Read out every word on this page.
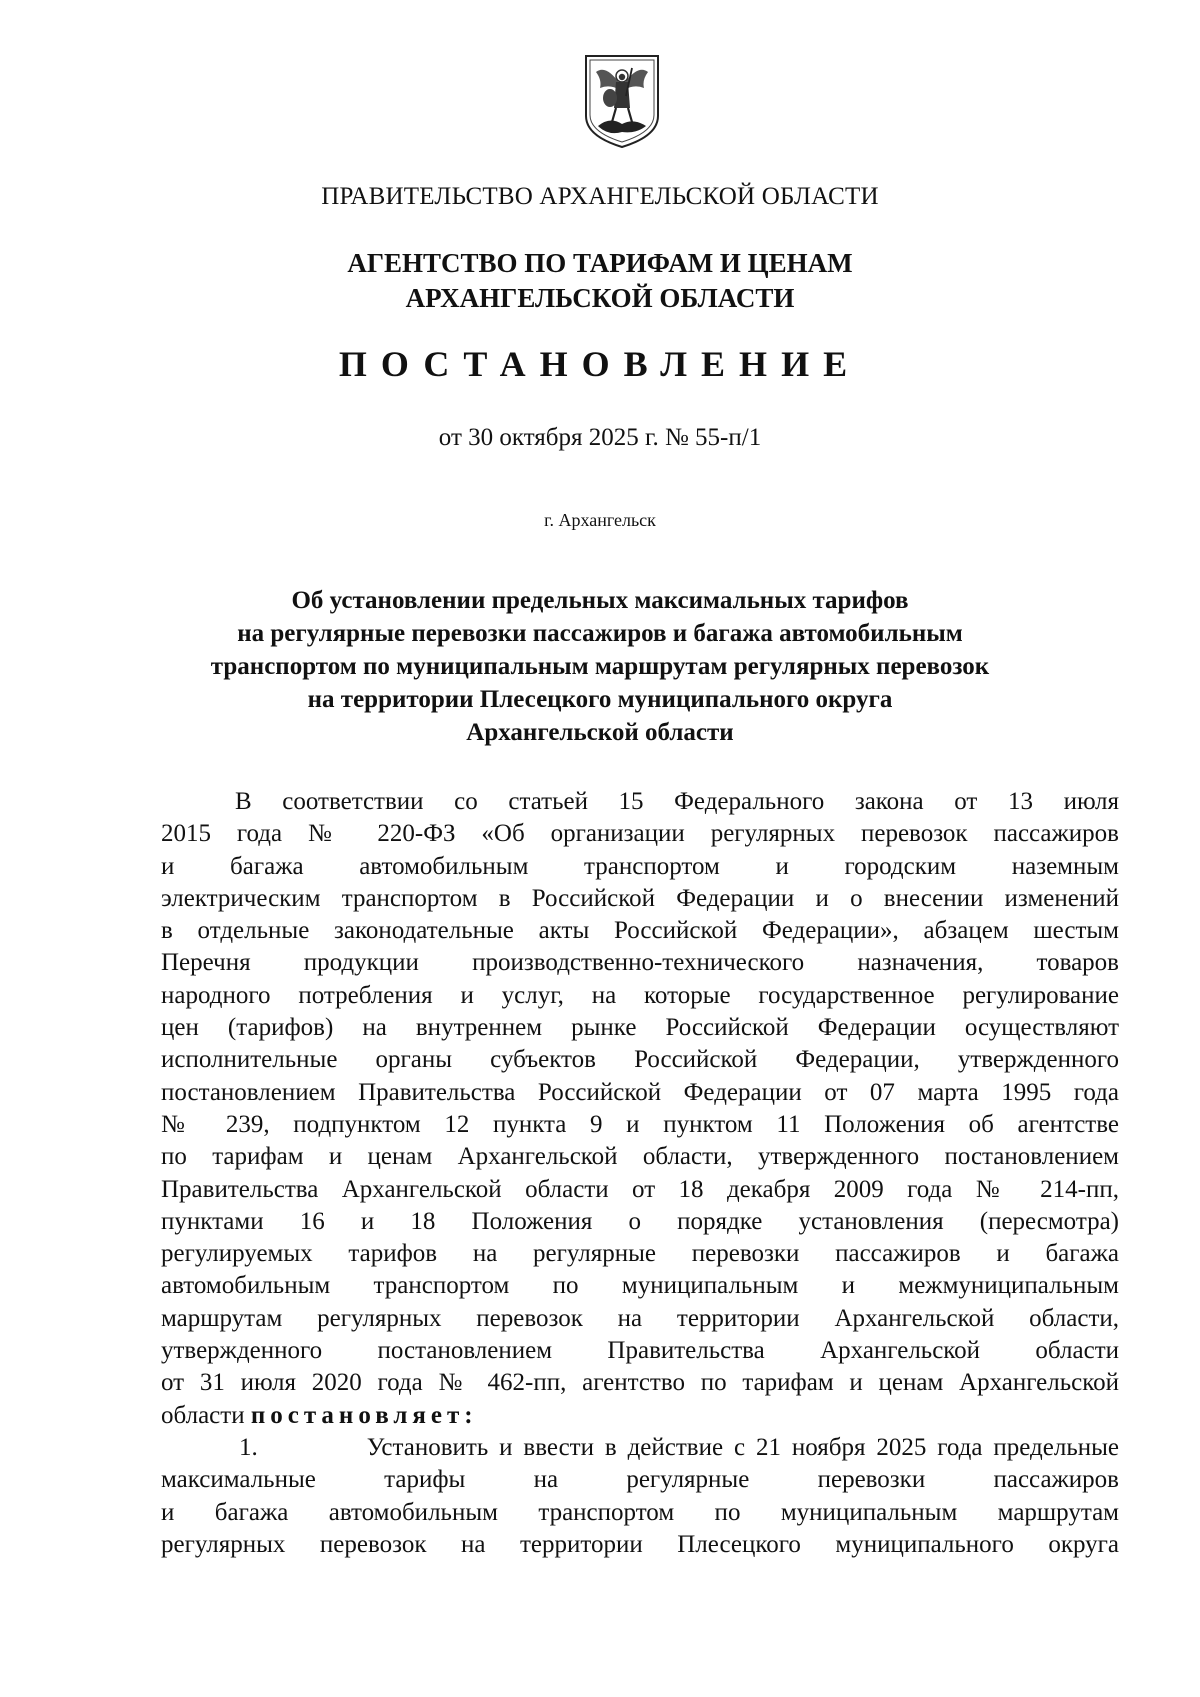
ПРАВИТЕЛЬСТВО АРХАНГЕЛЬСКОЙ ОБЛАСТИ
АГЕНТСТВО ПО ТАРИФАМ И ЦЕНАМ
АРХАНГЕЛЬСКОЙ ОБЛАСТИ
ПОСТАНОВЛЕНИЕ
от 30 октября 2025 г. № 55-п/1
г. Архангельск
Об установлении предельных максимальных тарифов
на регулярные перевозки пассажиров и багажа автомобильным
транспортом по муниципальным маршрутам регулярных перевозок
на территории Плесецкого муниципального округа
Архангельской области
В соответствии со статьей 15 Федерального закона от 13 июля
2015 года № 220-ФЗ «Об организации регулярных перевозок пассажиров
и багажа автомобильным транспортом и городским наземным
электрическим транспортом в Российской Федерации и о внесении изменений
в отдельные законодательные акты Российской Федерации», абзацем шестым
Перечня продукции производственно-технического назначения, товаров
народного потребления и услуг, на которые государственное регулирование
цен (тарифов) на внутреннем рынке Российской Федерации осуществляют
исполнительные органы субъектов Российской Федерации, утвержденного
постановлением Правительства Российской Федерации от 07 марта 1995 года
№ 239, подпунктом 12 пункта 9 и пунктом 11 Положения об агентстве
по тарифам и ценам Архангельской области, утвержденного постановлением
Правительства Архангельской области от 18 декабря 2009 года № 214-пп,
пунктами 16 и 18 Положения о порядке установления (пересмотра)
регулируемых тарифов на регулярные перевозки пассажиров и багажа
автомобильным транспортом по муниципальным и межмуниципальным
маршрутам регулярных перевозок на территории Архангельской области,
утвержденного постановлением Правительства Архангельской области
от 31 июля 2020 года № 462-пп, агентство по тарифам и ценам Архангельской
области постановляет:
1.	Установить и ввести в действие с 21 ноября 2025 года предельные
максимальные тарифы на регулярные перевозки пассажиров
и багажа автомобильным транспортом по муниципальным маршрутам
регулярных перевозок на территории Плесецкого муниципального округа
